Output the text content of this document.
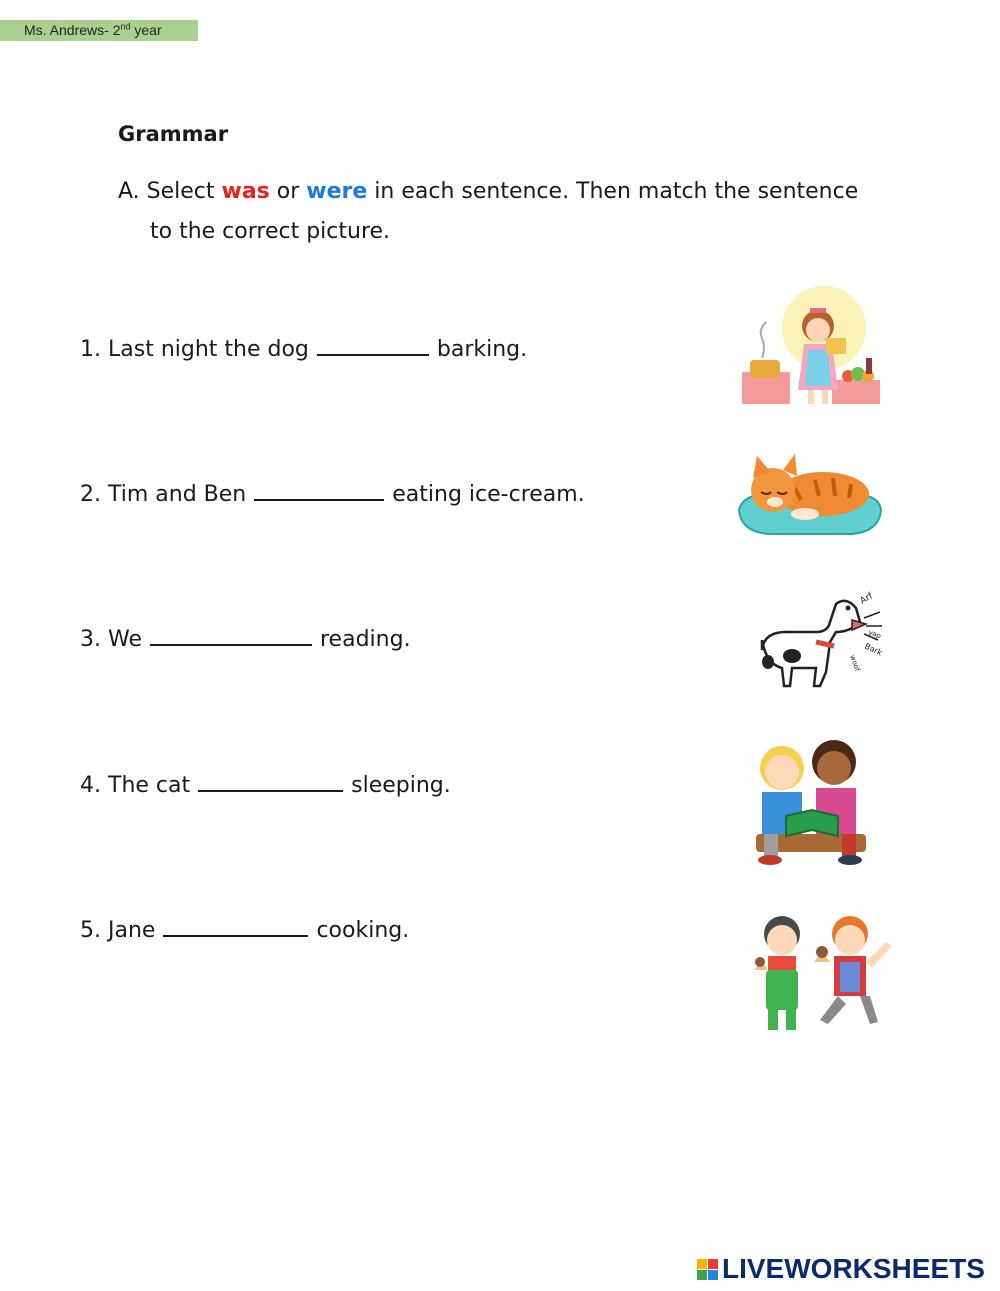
Ms. Andrews- 2nd year
Grammar
A. Select was or were in each sentence. Then match the sentence
to the correct picture.
1. Last night the dog	barking.
2. Tim and Ben	eating ice-cream.
3. We	reading.
4. The cat	sleeping.
5. Jane	cooking.
Arf
yap
Bark
woof
LIVEWORKSHEETS
